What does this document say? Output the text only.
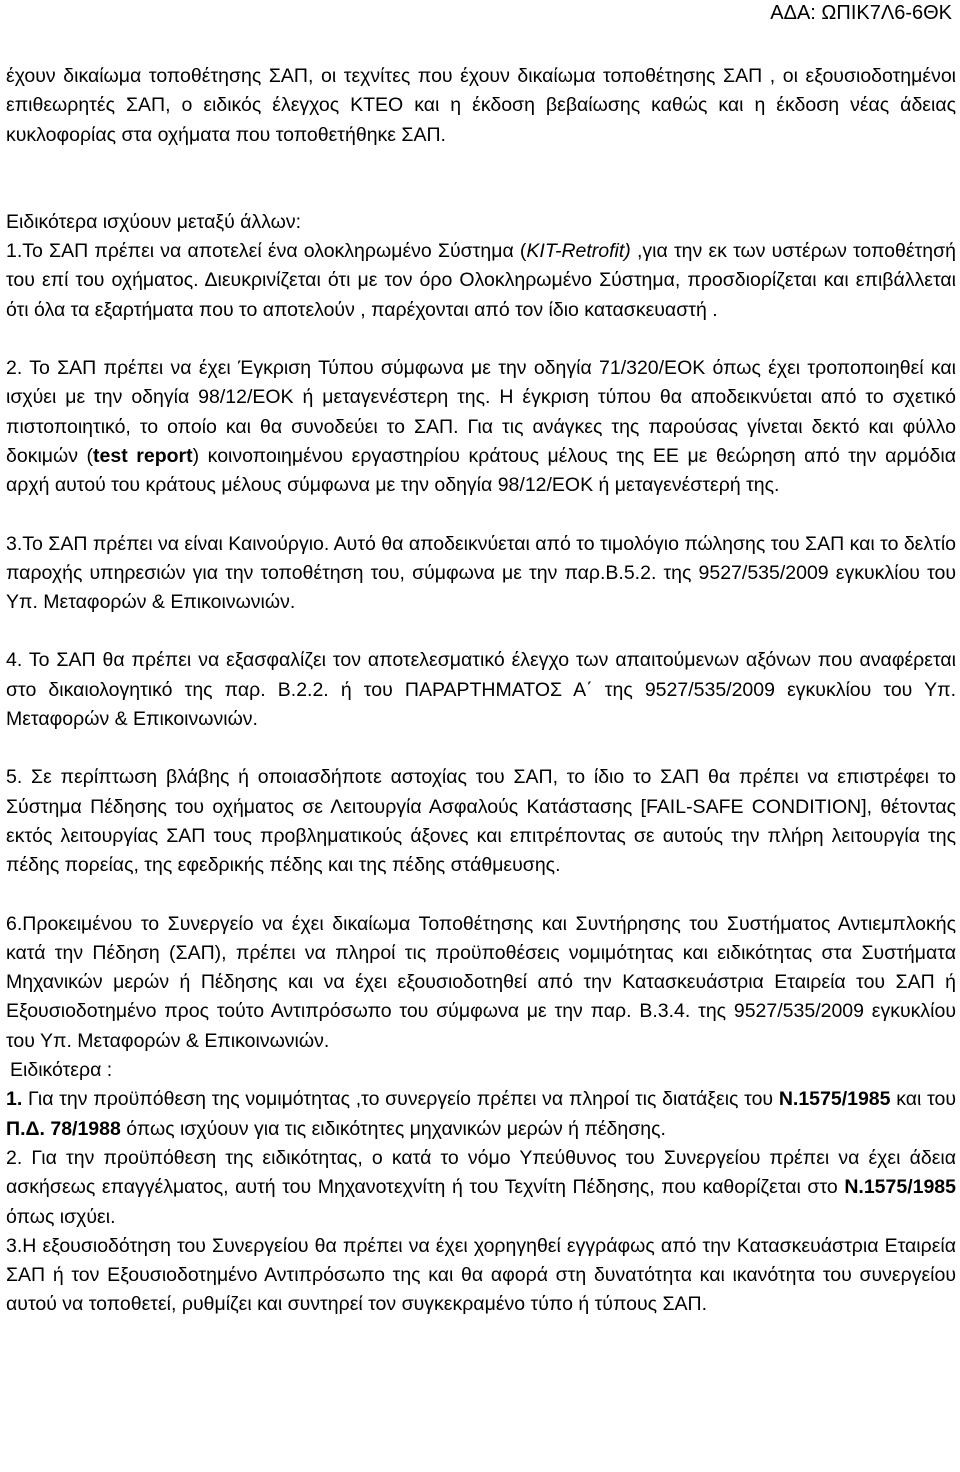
ΑΔΑ: ΩΠΙΚ7Λ6-6ΘΚ

έχουν δικαίωμα τοποθέτησης ΣΑΠ, οι τεχνίτες που έχουν δικαίωμα τοποθέτησης ΣΑΠ , οι εξουσιοδοτημένοι επιθεωρητές ΣΑΠ, ο ειδικός έλεγχος ΚΤΕΟ και η έκδοση βεβαίωσης καθώς και η έκδοση νέας άδειας κυκλοφορίας στα οχήματα που τοποθετήθηκε ΣΑΠ.

Ειδικότερα ισχύουν μεταξύ άλλων:

1.Το ΣΑΠ πρέπει να αποτελεί ένα ολοκληρωμένο Σύστημα (KIT-Retrofit) ,για την εκ των υστέρων τοποθέτησή του επί του οχήματος. Διευκρινίζεται ότι με τον όρο Ολοκληρωμένο Σύστημα, προσδιορίζεται και επιβάλλεται ότι όλα τα εξαρτήματα που το αποτελούν , παρέχονται από τον ίδιο κατασκευαστή .

2. Το ΣΑΠ πρέπει να έχει Έγκριση Τύπου σύμφωνα με την οδηγία 71/320/ΕΟΚ όπως έχει τροποποιηθεί και ισχύει με την οδηγία 98/12/ΕΟΚ ή μεταγενέστερη της. Η έγκριση τύπου θα αποδεικνύεται από το σχετικό πιστοποιητικό, το οποίο και θα συνοδεύει το ΣΑΠ. Για τις ανάγκες της παρούσας γίνεται δεκτό και φύλλο δοκιμών (test report) κοινοποιημένου εργαστηρίου κράτους μέλους της ΕΕ με θεώρηση από την αρμόδια αρχή αυτού του κράτους μέλους σύμφωνα με την οδηγία 98/12/ΕΟΚ ή μεταγενέστερή της.

3.Το ΣΑΠ πρέπει να είναι Καινούργιο. Αυτό θα αποδεικνύεται από το τιμολόγιο πώλησης του ΣΑΠ και το δελτίο παροχής υπηρεσιών για την τοποθέτηση του, σύμφωνα με την παρ.Β.5.2. της 9527/535/2009 εγκυκλίου του Υπ. Μεταφορών & Επικοινωνιών.

4. Το ΣΑΠ θα πρέπει να εξασφαλίζει τον αποτελεσματικό έλεγχο των απαιτούμενων αξόνων που αναφέρεται στο δικαιολογητικό της παρ. Β.2.2. ή του ΠΑΡΑΡΤΗΜΑΤΟΣ Α΄ της 9527/535/2009 εγκυκλίου του Υπ. Μεταφορών & Επικοινωνιών.

5. Σε περίπτωση βλάβης ή οποιασδήποτε αστοχίας του ΣΑΠ, το ίδιο το ΣΑΠ θα πρέπει να επιστρέφει το Σύστημα Πέδησης του οχήματος σε Λειτουργία Ασφαλούς Κατάστασης [FAIL-SAFE CONDITION], θέτοντας εκτός λειτουργίας ΣΑΠ τους προβληματικούς άξονες και επιτρέποντας σε αυτούς την πλήρη λειτουργία της πέδης πορείας, της εφεδρικής πέδης και της πέδης στάθμευσης.

6.Προκειμένου το Συνεργείο να έχει δικαίωμα Τοποθέτησης και Συντήρησης του Συστήματος Αντιεμπλοκής κατά την Πέδηση (ΣΑΠ), πρέπει να πληροί τις προϋποθέσεις νομιμότητας και ειδικότητας στα Συστήματα Μηχανικών μερών ή Πέδησης και να έχει εξουσιοδοτηθεί από την Κατασκευάστρια Εταιρεία του ΣΑΠ ή Εξουσιοδοτημένο προς τούτο Αντιπρόσωπο του σύμφωνα με την παρ. Β.3.4. της 9527/535/2009 εγκυκλίου του Υπ. Μεταφορών & Επικοινωνιών.

Ειδικότερα :

1. Για την προϋπόθεση της νομιμότητας ,το συνεργείο πρέπει να πληροί τις διατάξεις του Ν.1575/1985 και του Π.Δ. 78/1988 όπως ισχύουν για τις ειδικότητες μηχανικών μερών ή πέδησης.

2. Για την προϋπόθεση της ειδικότητας, ο κατά το νόμο Υπεύθυνος του Συνεργείου πρέπει να έχει άδεια ασκήσεως επαγγέλματος, αυτή του Μηχανοτεχνίτη ή του Τεχνίτη Πέδησης, που καθορίζεται στο Ν.1575/1985 όπως ισχύει.

3.Η εξουσιοδότηση του Συνεργείου θα πρέπει να έχει χορηγηθεί εγγράφως από την Κατασκευάστρια Εταιρεία ΣΑΠ ή τον Εξουσιοδοτημένο Αντιπρόσωπο της και θα αφορά στη δυνατότητα και ικανότητα του συνεργείου αυτού να τοποθετεί, ρυθμίζει και συντηρεί τον συγκεκραμένο τύπο ή τύπους ΣΑΠ.
